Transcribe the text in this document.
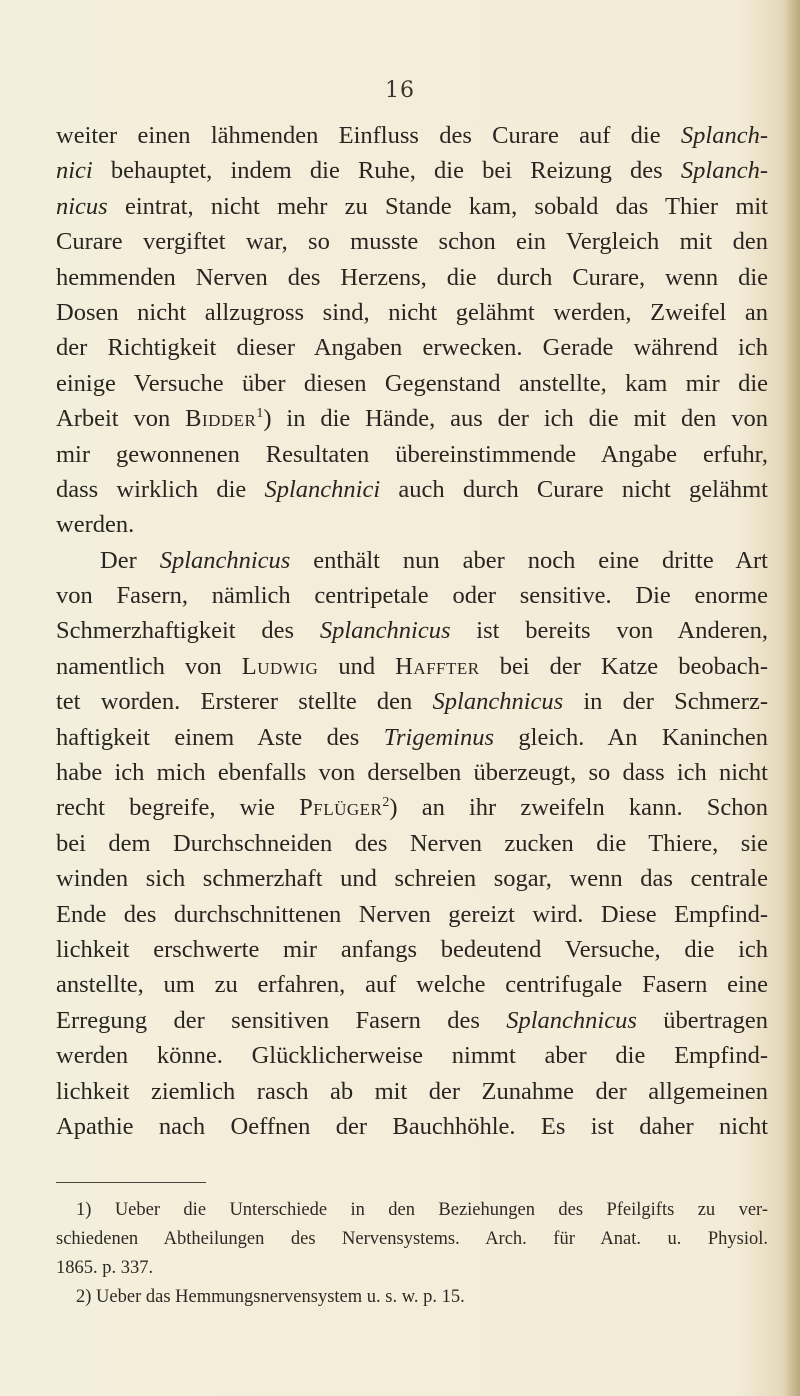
16
weiter einen lähmenden Einfluss des Curare auf die Splanch-
nici behauptet, indem die Ruhe, die bei Reizung des Splanch-
nicus eintrat, nicht mehr zu Stande kam, sobald das Thier mit
Curare vergiftet war, so musste schon ein Vergleich mit den
hemmenden Nerven des Herzens, die durch Curare, wenn die
Dosen nicht allzugross sind, nicht gelähmt werden, Zweifel an
der Richtigkeit dieser Angaben erwecken. Gerade während ich
einige Versuche über diesen Gegenstand anstellte, kam mir die
Arbeit von Bidder$^1$) in die Hände, aus der ich die mit den von
mir gewonnenen Resultaten übereinstimmende Angabe erfuhr,
dass wirklich die Splanchnici auch durch Curare nicht gelähmt
werden.
Der Splanchnicus enthält nun aber noch eine dritte Art
von Fasern, nämlich centripetale oder sensitive. Die enorme
Schmerzhaftigkeit des Splanchnicus ist bereits von Anderen,
namentlich von Ludwig und Haffter bei der Katze beobach-
tet worden. Ersterer stellte den Splanchnicus in der Schmerz-
haftigkeit einem Aste des Trigeminus gleich. An Kaninchen
habe ich mich ebenfalls von derselben überzeugt, so dass ich nicht
recht begreife, wie Pflüger$^2$) an ihr zweifeln kann. Schon
bei dem Durchschneiden des Nerven zucken die Thiere, sie
winden sich schmerzhaft und schreien sogar, wenn das centrale
Ende des durchschnittenen Nerven gereizt wird. Diese Empfind-
lichkeit erschwerte mir anfangs bedeutend Versuche, die ich
anstellte, um zu erfahren, auf welche centrifugale Fasern eine
Erregung der sensitiven Fasern des Splanchnicus übertragen
werden könne. Glücklicherweise nimmt aber die Empfind-
lichkeit ziemlich rasch ab mit der Zunahme der allgemeinen
Apathie nach Oeffnen der Bauchhöhle. Es ist daher nicht
1) Ueber die Unterschiede in den Beziehungen des Pfeilgifts zu ver-
schiedenen Abtheilungen des Nervensystems. Arch. für Anat. u. Physiol.
1865. p. 337.
2) Ueber das Hemmungsnervensystem u. s. w. p. 15.
